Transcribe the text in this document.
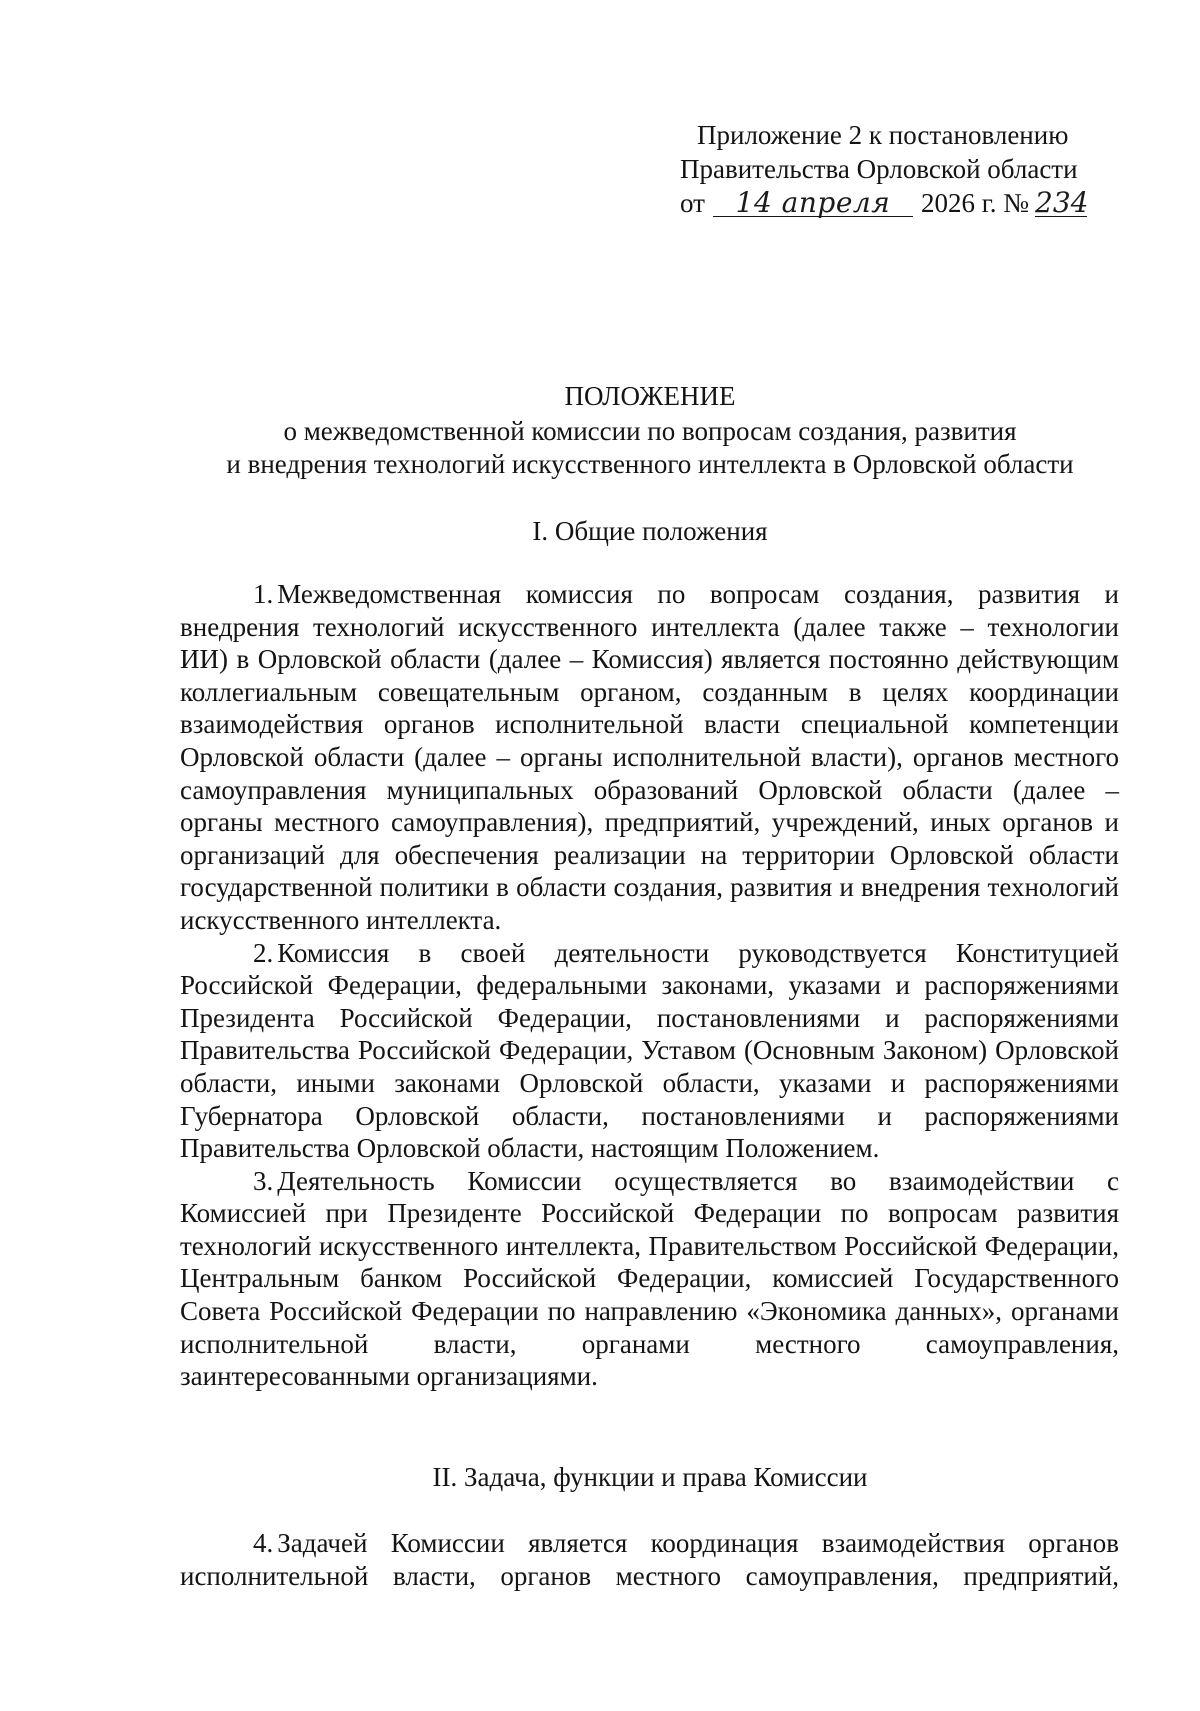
Приложение 2 к постановлению
Правительства Орловской области
от	14 апреля	2026 г. № 234
ПОЛОЖЕНИЕ
о межведомственной комиссии по вопросам создания, развития
и внедрения технологий искусственного интеллекта в Орловской области
I. Общие положения

1. Межведомственная комиссия по вопросам создания, развития и внедрения технологий искусственного интеллекта (далее также – технологии ИИ) в Орловской области (далее – Комиссия) является постоянно действующим коллегиальным совещательным органом, созданным в целях координации взаимодействия органов исполнительной власти специальной компетенции Орловской области (далее – органы исполнительной власти), органов местного самоуправления муниципальных образований Орловской области (далее – органы местного самоуправления), предприятий, учреждений, иных органов и организаций для обеспечения реализации на территории Орловской области государственной политики в области создания, развития и внедрения технологий искусственного интеллекта.

2. Комиссия в своей деятельности руководствуется Конституцией Российской Федерации, федеральными законами, указами и распоряжениями Президента Российской Федерации, постановлениями и распоряжениями Правительства Российской Федерации, Уставом (Основным Законом) Орловской области, иными законами Орловской области, указами и распоряжениями Губернатора Орловской области, постановлениями и распоряжениями Правительства Орловской области, настоящим Положением.

3. Деятельность Комиссии осуществляется во взаимодействии с Комиссией при Президенте Российской Федерации по вопросам развития технологий искусственного интеллекта, Правительством Российской Федерации, Центральным банком Российской Федерации, комиссией Государственного Совета Российской Федерации по направлению «Экономика данных», органами исполнительной власти, органами местного самоуправления, заинтересованными организациями.

II. Задача, функции и права Комиссии

4. Задачей Комиссии является координация взаимодействия органов исполнительной власти, органов местного самоуправления, предприятий,
